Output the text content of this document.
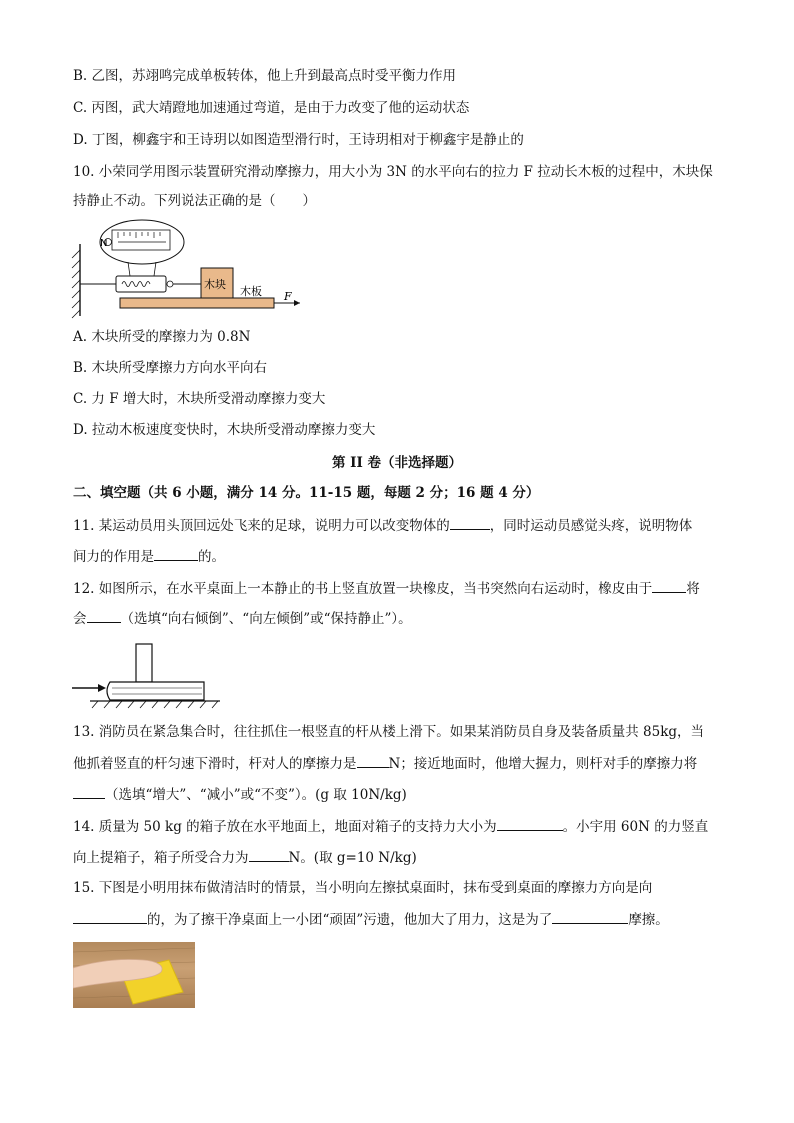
B. 乙图，苏翊鸣完成单板转体，他上升到最高点时受平衡力作用
C. 丙图，武大靖蹬地加速通过弯道，是由于力改变了他的运动状态
D. 丁图，柳鑫宇和王诗玥以如图造型滑行时，王诗玥相对于柳鑫宇是静止的
10. 小荣同学用图示装置研究滑动摩擦力，用大小为 3N 的水平向右的拉力 F 拉动长木板的过程中，木块保
持静止不动。下列说法正确的是（　　）
N
木块
木板 F
A. 木块所受的摩擦力为 0.8N
B. 木块所受摩擦力方向水平向右
C. 力 F 增大时，木块所受滑动摩擦力变大
D. 拉动木板速度变快时，木块所受滑动摩擦力变大
第 II 卷（非选择题）
二、填空题（共 6 小题，满分 14 分。11-15 题，每题 2 分；16 题 4 分）
11. 某运动员用头顶回远处飞来的足球，说明力可以改变物体的	，同时运动员感觉头疼，说明物体
间力的作用是	的。
12. 如图所示，在水平桌面上一本静止的书上竖直放置一块橡皮，当书突然向右运动时，橡皮由于	将
会	（选填“向右倾倒”、“向左倾倒”或“保持静止”）。
13. 消防员在紧急集合时，往往抓住一根竖直的杆从楼上滑下。如果某消防员自身及装备质量共 85kg，当
他抓着竖直的杆匀速下滑时，杆对人的摩擦力是 N；接近地面时，他增大握力，则杆对手的摩擦力将
（选填“增大”、“减小”或“不变”）。(g 取 10N/kg)
14. 质量为 50 kg 的箱子放在水平地面上，地面对箱子的支持力大小为	。小宇用 60N 的力竖直
向上提箱子，箱子所受合力为	N。(取 g=10 N/kg)
15. 下图是小明用抹布做清洁时的情景，当小明向左擦拭桌面时，抹布受到桌面的摩擦力方向是向
的，为了擦干净桌面上一小团“顽固”污遗，他加大了用力，这是为了	摩擦。
